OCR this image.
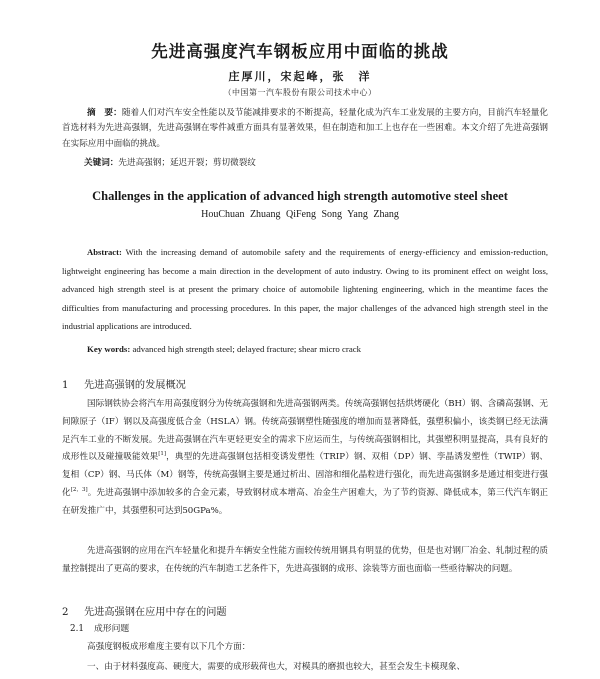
先进高强度汽车钢板应用中面临的挑战
庄厚川，宋起峰，张　洋
（中国第一汽车股份有限公司技术中心）
摘　要：随着人们对汽车安全性能以及节能减排要求的不断提高，轻量化成为汽车工业发展的主要方向，目前汽车轻量化首选材料为先进高强钢，先进高强钢在零件减重方面具有显著效果，但在制造和加工上也存在一些困难。本文介绍了先进高强钢在实际应用中面临的挑战。
关键词：先进高强钢；延迟开裂；剪切微裂纹
Challenges in the application of advanced high strength automotive steel sheet
HouChuan Zhuang QiFeng Song Yang Zhang
Abstract: With the increasing demand of automobile safety and the requirements of energy-efficiency and emission-reduction, lightweight engineering has become a main direction in the development of auto industry. Owing to its prominent effect on weight loss, advanced high strength steel is at present the primary choice of automobile lightening engineering, which in the meantime faces the difficulties from manufacturing and processing procedures. In this paper, the major challenges of the advanced high strength steel in the industrial applications are introduced.
Key words: advanced high strength steel; delayed fracture; shear micro crack
1 先进高强钢的发展概况
国际钢铁协会将汽车用高强度钢分为传统高强钢和先进高强钢两类。传统高强钢包括烘烤硬化（BH）钢、含磷高强钢、无间隙原子（IF）钢以及高强度低合金（HSLA）钢。传统高强钢塑性随强度的增加而显著降低，强塑积偏小，该类钢已经无法满足汽车工业的不断发展。先进高强钢在汽车更轻更安全的需求下应运而生，与传统高强钢相比，其强塑积明显提高，具有良好的成形性以及碰撞吸能效果[1]，典型的先进高强钢包括相变诱发塑性（TRIP）钢、双相（DP）钢、孪晶诱发塑性（TWIP）钢、复相（CP）钢、马氏体（M）钢等，传统高强钢主要是通过析出、固溶和细化晶粒进行强化，而先进高强钢多是通过相变进行强化[2，3]。先进高强钢中添加较多的合金元素，导致钢材成本增高、冶金生产困难大，为了节约资源、降低成本，第三代汽车钢正在研发推广中，其强塑积可达到50GPa%。
先进高强钢的应用在汽车轻量化和提升车辆安全性能方面较传统用钢具有明显的优势，但是也对钢厂冶金、轧制过程的质量控制提出了更高的要求，在传统的汽车制造工艺条件下，先进高强钢的成形、涂装等方面也面临一些亟待解决的问题。
2 先进高强钢在应用中存在的问题
2.1 成形问题
高强度钢板成形难度主要有以下几个方面：
一、由于材料强度高、硬度大，需要的成形载荷也大，对模具的磨损也较大，甚至会发生卡模现象、
